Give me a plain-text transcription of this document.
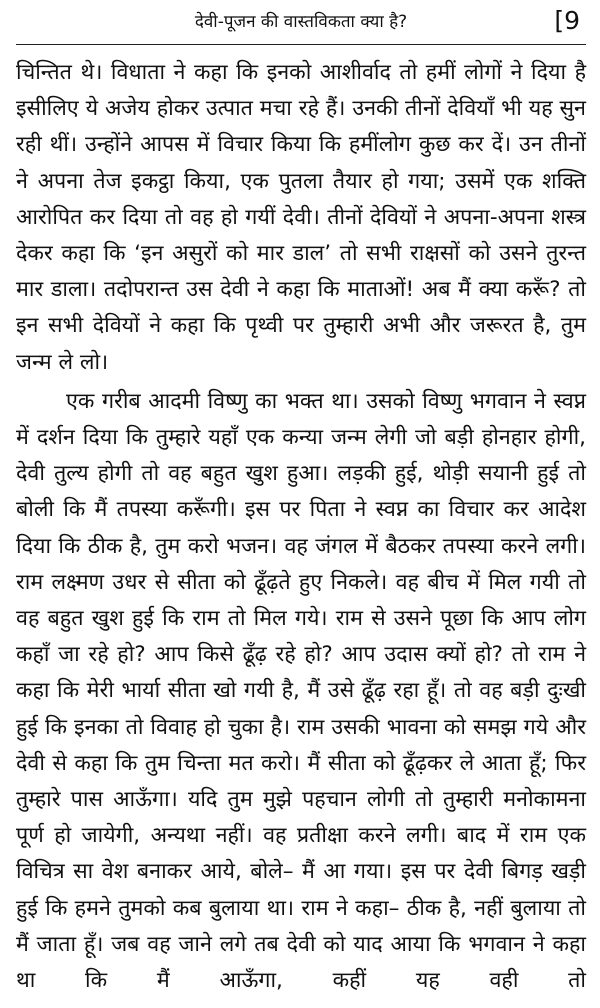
देवी-पूजन की वास्तविकता क्या है?	[9

चिन्तित थे। विधाता ने कहा कि इनको आशीर्वाद तो हमीं लोगों ने दिया है इसीलिए ये अजेय होकर उत्पात मचा रहे हैं। उनकी तीनों देवियाँ भी यह सुन रही थीं। उन्होंने आपस में विचार किया कि हमींलोग कुछ कर दें। उन तीनों ने अपना तेज इकट्ठा किया, एक पुतला तैयार हो गया; उसमें एक शक्ति आरोपित कर दिया तो वह हो गयीं देवी। तीनों देवियों ने अपना-अपना शस्त्र देकर कहा कि ‘इन असुरों को मार डाल’ तो सभी राक्षसों को उसने तुरन्त मार डाला। तदोपरान्त उस देवी ने कहा कि माताओं! अब मैं क्या करूँ? तो इन सभी देवियों ने कहा कि पृथ्वी पर तुम्हारी अभी और जरूरत है, तुम जन्म ले लो।

एक गरीब आदमी विष्णु का भक्त था। उसको विष्णु भगवान ने स्वप्न में दर्शन दिया कि तुम्हारे यहाँ एक कन्या जन्म लेगी जो बड़ी होनहार होगी, देवी तुल्य होगी तो वह बहुत खुश हुआ। लड़की हुई, थोड़ी सयानी हुई तो बोली कि मैं तपस्या करूँगी। इस पर पिता ने स्वप्न का विचार कर आदेश दिया कि ठीक है, तुम करो भजन। वह जंगल में बैठकर तपस्या करने लगी। राम लक्ष्मण उधर से सीता को ढूँढ़ते हुए निकले। वह बीच में मिल गयी तो वह बहुत खुश हुई कि राम तो मिल गये। राम से उसने पूछा कि आप लोग कहाँ जा रहे हो? आप किसे ढूँढ़ रहे हो? आप उदास क्यों हो? तो राम ने कहा कि मेरी भार्या सीता खो गयी है, मैं उसे ढूँढ़ रहा हूँ। तो वह बड़ी दुःखी हुई कि इनका तो विवाह हो चुका है। राम उसकी भावना को समझ गये और देवी से कहा कि तुम चिन्ता मत करो। मैं सीता को ढूँढ़कर ले आता हूँ; फिर तुम्हारे पास आऊँगा। यदि तुम मुझे पहचान लोगी तो तुम्हारी मनोकामना पूर्ण हो जायेगी, अन्यथा नहीं। वह प्रतीक्षा करने लगी। बाद में राम एक विचित्र सा वेश बनाकर आये, बोले– मैं आ गया। इस पर देवी बिगड़ खड़ी हुई कि हमने तुमको कब बुलाया था। राम ने कहा– ठीक है, नहीं बुलाया तो मैं जाता हूँ। जब वह जाने लगे तब देवी को याद आया कि भगवान ने कहा था कि मैं आऊँगा, कहीं यह वही तो
